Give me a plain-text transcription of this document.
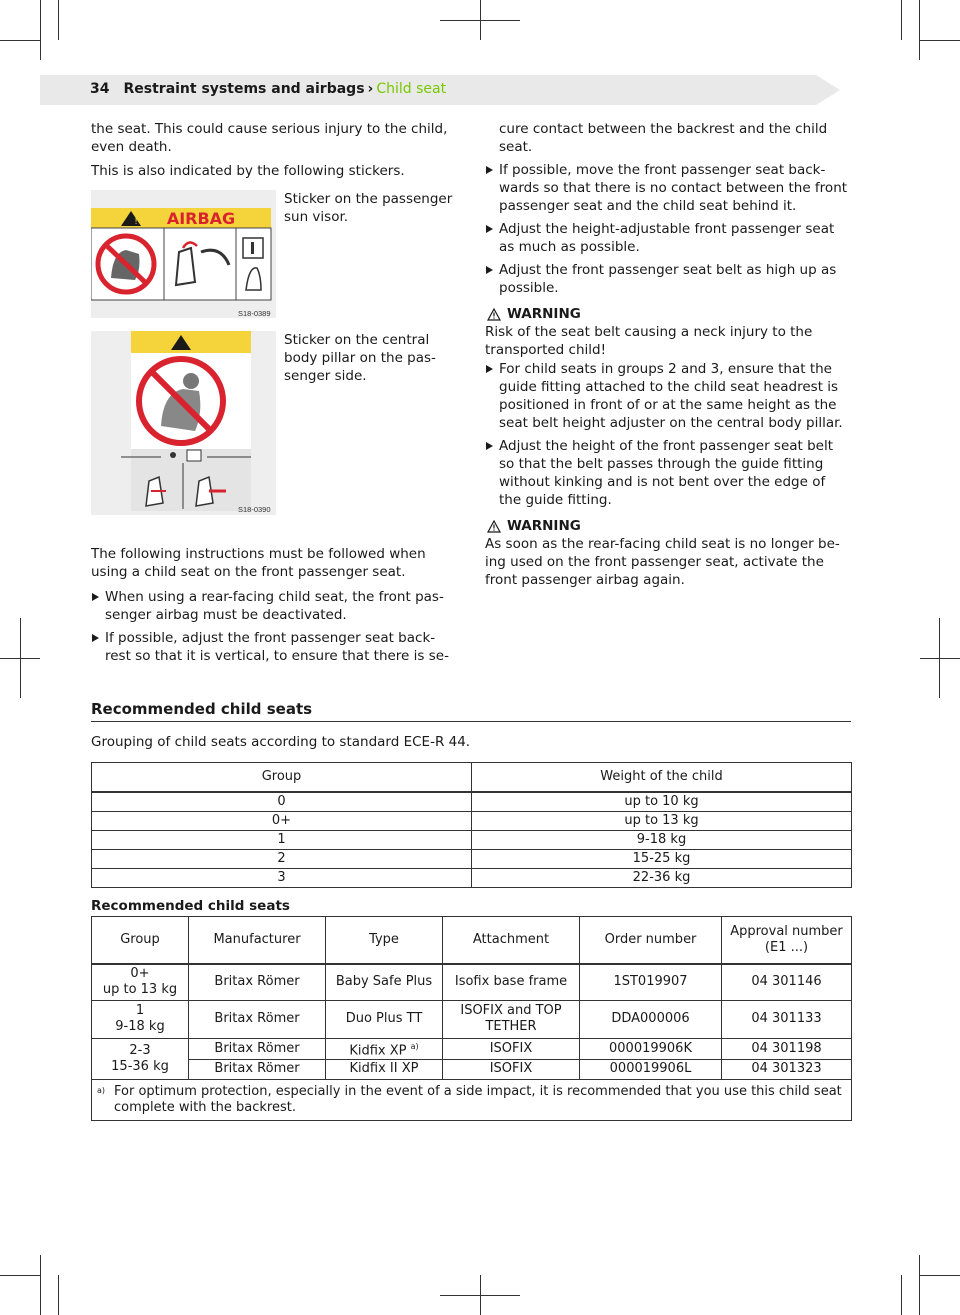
34 Restraint systems and airbags › Child seat

the seat. This could cause serious injury to the child, even death.

This is also indicated by the following stickers.

! AIRBAG
S18-0389
Sticker on the passenger sun visor.
S18-0390
Sticker on the central body pillar on the pas-senger side.

The following instructions must be followed when using a child seat on the front passenger seat.

When using a rear-facing child seat, the front pas-senger airbag must be deactivated.
If possible, adjust the front passenger seat back-rest so that it is vertical, to ensure that there is se-
cure contact between the backrest and the child seat.
If possible, move the front passenger seat back-wards so that there is no contact between the front passenger seat and the child seat behind it.
Adjust the height-adjustable front passenger seat as much as possible.
Adjust the front passenger seat belt as high up as possible.
WARNING
Risk of the seat belt causing a neck injury to the transported child!
For child seats in groups 2 and 3, ensure that the guide fitting attached to the child seat headrest is positioned in front of or at the same height as the seat belt height adjuster on the central body pillar.
Adjust the height of the front passenger seat belt so that the belt passes through the guide fitting without kinking and is not bent over the edge of the guide fitting.
WARNING
As soon as the rear-facing child seat is no longer be-ing used on the front passenger seat, activate the front passenger airbag again.
Recommended child seats
Grouping of child seats according to standard ECE-R 44.
Group	Weight of the child
0	up to 10 kg
0+	up to 13 kg
1	9-18 kg
2	15-25 kg
3	22-36 kg
Recommended child seats
Group	Manufacturer	Type	Attachment	Order number	Approval number (E1 ...)

0+
up to 13 kg	Britax Römer	Baby Safe Plus	Isofix base frame	1ST019907	04 301146

1
9-18 kg	Britax Römer	Duo Plus TT	ISOFIX and TOP TETHER	DDA000006	04 301133

2-3
15-36 kg	Britax Römer	Kidfix XP $^{a)}$	ISOFIX	000019906K	04 301198
	Britax Römer	Kidfix II XP	ISOFIX	000019906L	04 301323

a) For optimum protection, especially in the event of a side impact, it is recommended that you use this child seat complete with the backrest.					
